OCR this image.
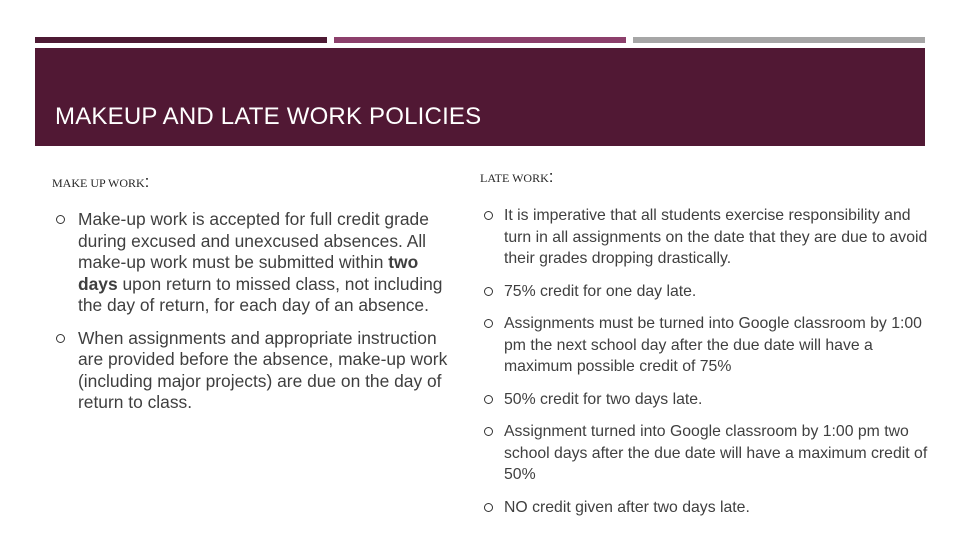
MAKEUP AND LATE WORK POLICIES
MAKE UP WORK:	LATE WORK:
Make-up work is accepted for full credit grade during excused and unexcused absences. All make-up work must be submitted within two days upon return to missed class, not including the day of return, for each day of an absence.
When assignments and appropriate instruction are provided before the absence, make-up work (including major projects) are due on the day of return to class.
It is imperative that all students exercise responsibility and turn in all assignments on the date that they are due to avoid their grades dropping drastically.
75% credit for one day late.
Assignments must be turned into Google classroom by 1:00 pm the next school day after the due date will have a maximum possible credit of 75%
50% credit for two days late.
Assignment turned into Google classroom by 1:00 pm two school days after the due date will have a maximum credit of 50%
NO credit given after two days late.
